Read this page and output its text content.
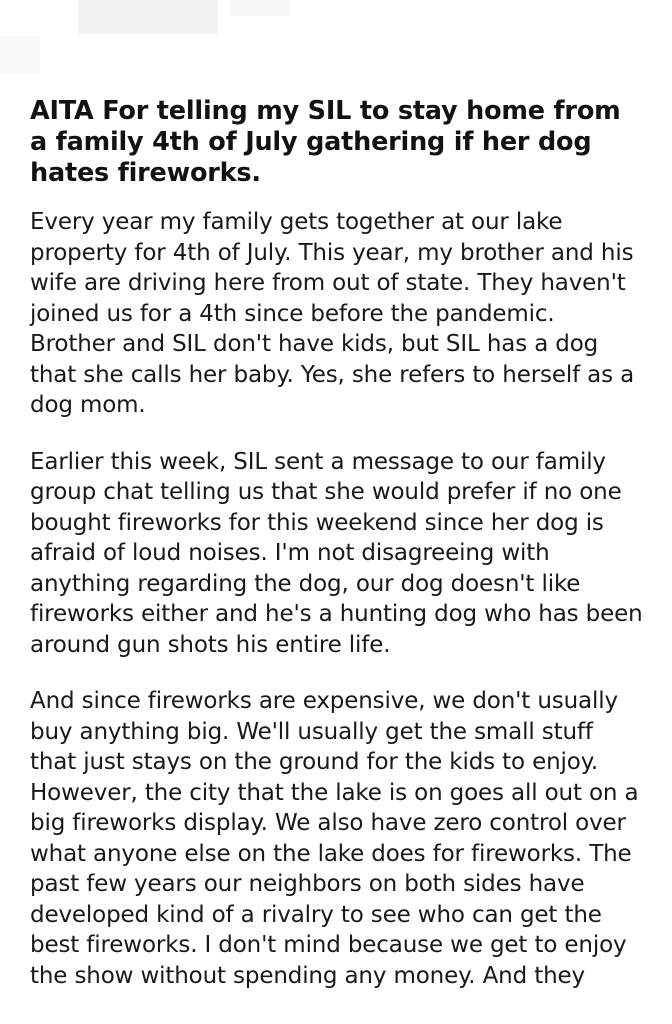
AITA For telling my SIL to stay home from a family 4th of July gathering if her dog hates fireworks.

Every year my family gets together at our lake property for 4th of July. This year, my brother and his wife are driving here from out of state. They haven't joined us for a 4th since before the pandemic. Brother and SIL don't have kids, but SIL has a dog that she calls her baby. Yes, she refers to herself as a dog mom.

Earlier this week, SIL sent a message to our family group chat telling us that she would prefer if no one bought fireworks for this weekend since her dog is afraid of loud noises. I'm not disagreeing with anything regarding the dog, our dog doesn't like fireworks either and he's a hunting dog who has been around gun shots his entire life.

And since fireworks are expensive, we don't usually buy anything big. We'll usually get the small stuff that just stays on the ground for the kids to enjoy. However, the city that the lake is on goes all out on a big fireworks display. We also have zero control over what anyone else on the lake does for fireworks. The past few years our neighbors on both sides have developed kind of a rivalry to see who can get the best fireworks. I don't mind because we get to enjoy the show without spending any money. And they
